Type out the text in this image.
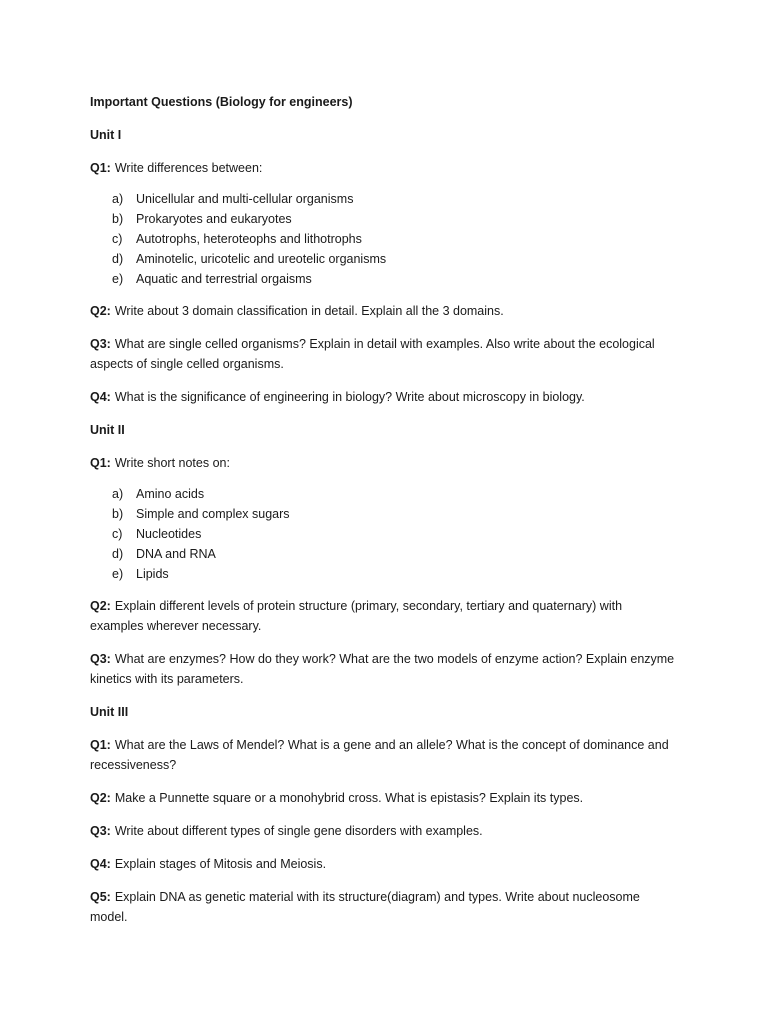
Important Questions (Biology for engineers)
Unit I
Q1: Write differences between:
a)	Unicellular and multi-cellular organisms
b)	Prokaryotes and eukaryotes
c)	Autotrophs, heteroteophs and lithotrophs
d)	Aminotelic, uricotelic and ureotelic organisms
e)	Aquatic and terrestrial orgaisms
Q2: Write about 3 domain classification in detail. Explain all the 3 domains.
Q3: What are single celled organisms? Explain in detail with examples. Also write about the ecological aspects of single celled organisms.
Q4: What is the significance of engineering in biology? Write about microscopy in biology.
Unit II
Q1: Write short notes on:
a)	Amino acids
b)	Simple and complex sugars
c)	Nucleotides
d)	DNA and RNA
e)	Lipids
Q2: Explain different levels of protein structure (primary, secondary, tertiary and quaternary) with examples wherever necessary.
Q3: What are enzymes? How do they work? What are the two models of enzyme action? Explain enzyme kinetics with its parameters.
Unit III
Q1: What are the Laws of Mendel? What is a gene and an allele? What is the concept of dominance and recessiveness?
Q2: Make a Punnette square or a monohybrid cross. What is epistasis? Explain its types.
Q3: Write about different types of single gene disorders with examples.
Q4: Explain stages of Mitosis and Meiosis.
Q5: Explain DNA as genetic material with its structure(diagram) and types. Write about nucleosome model.
